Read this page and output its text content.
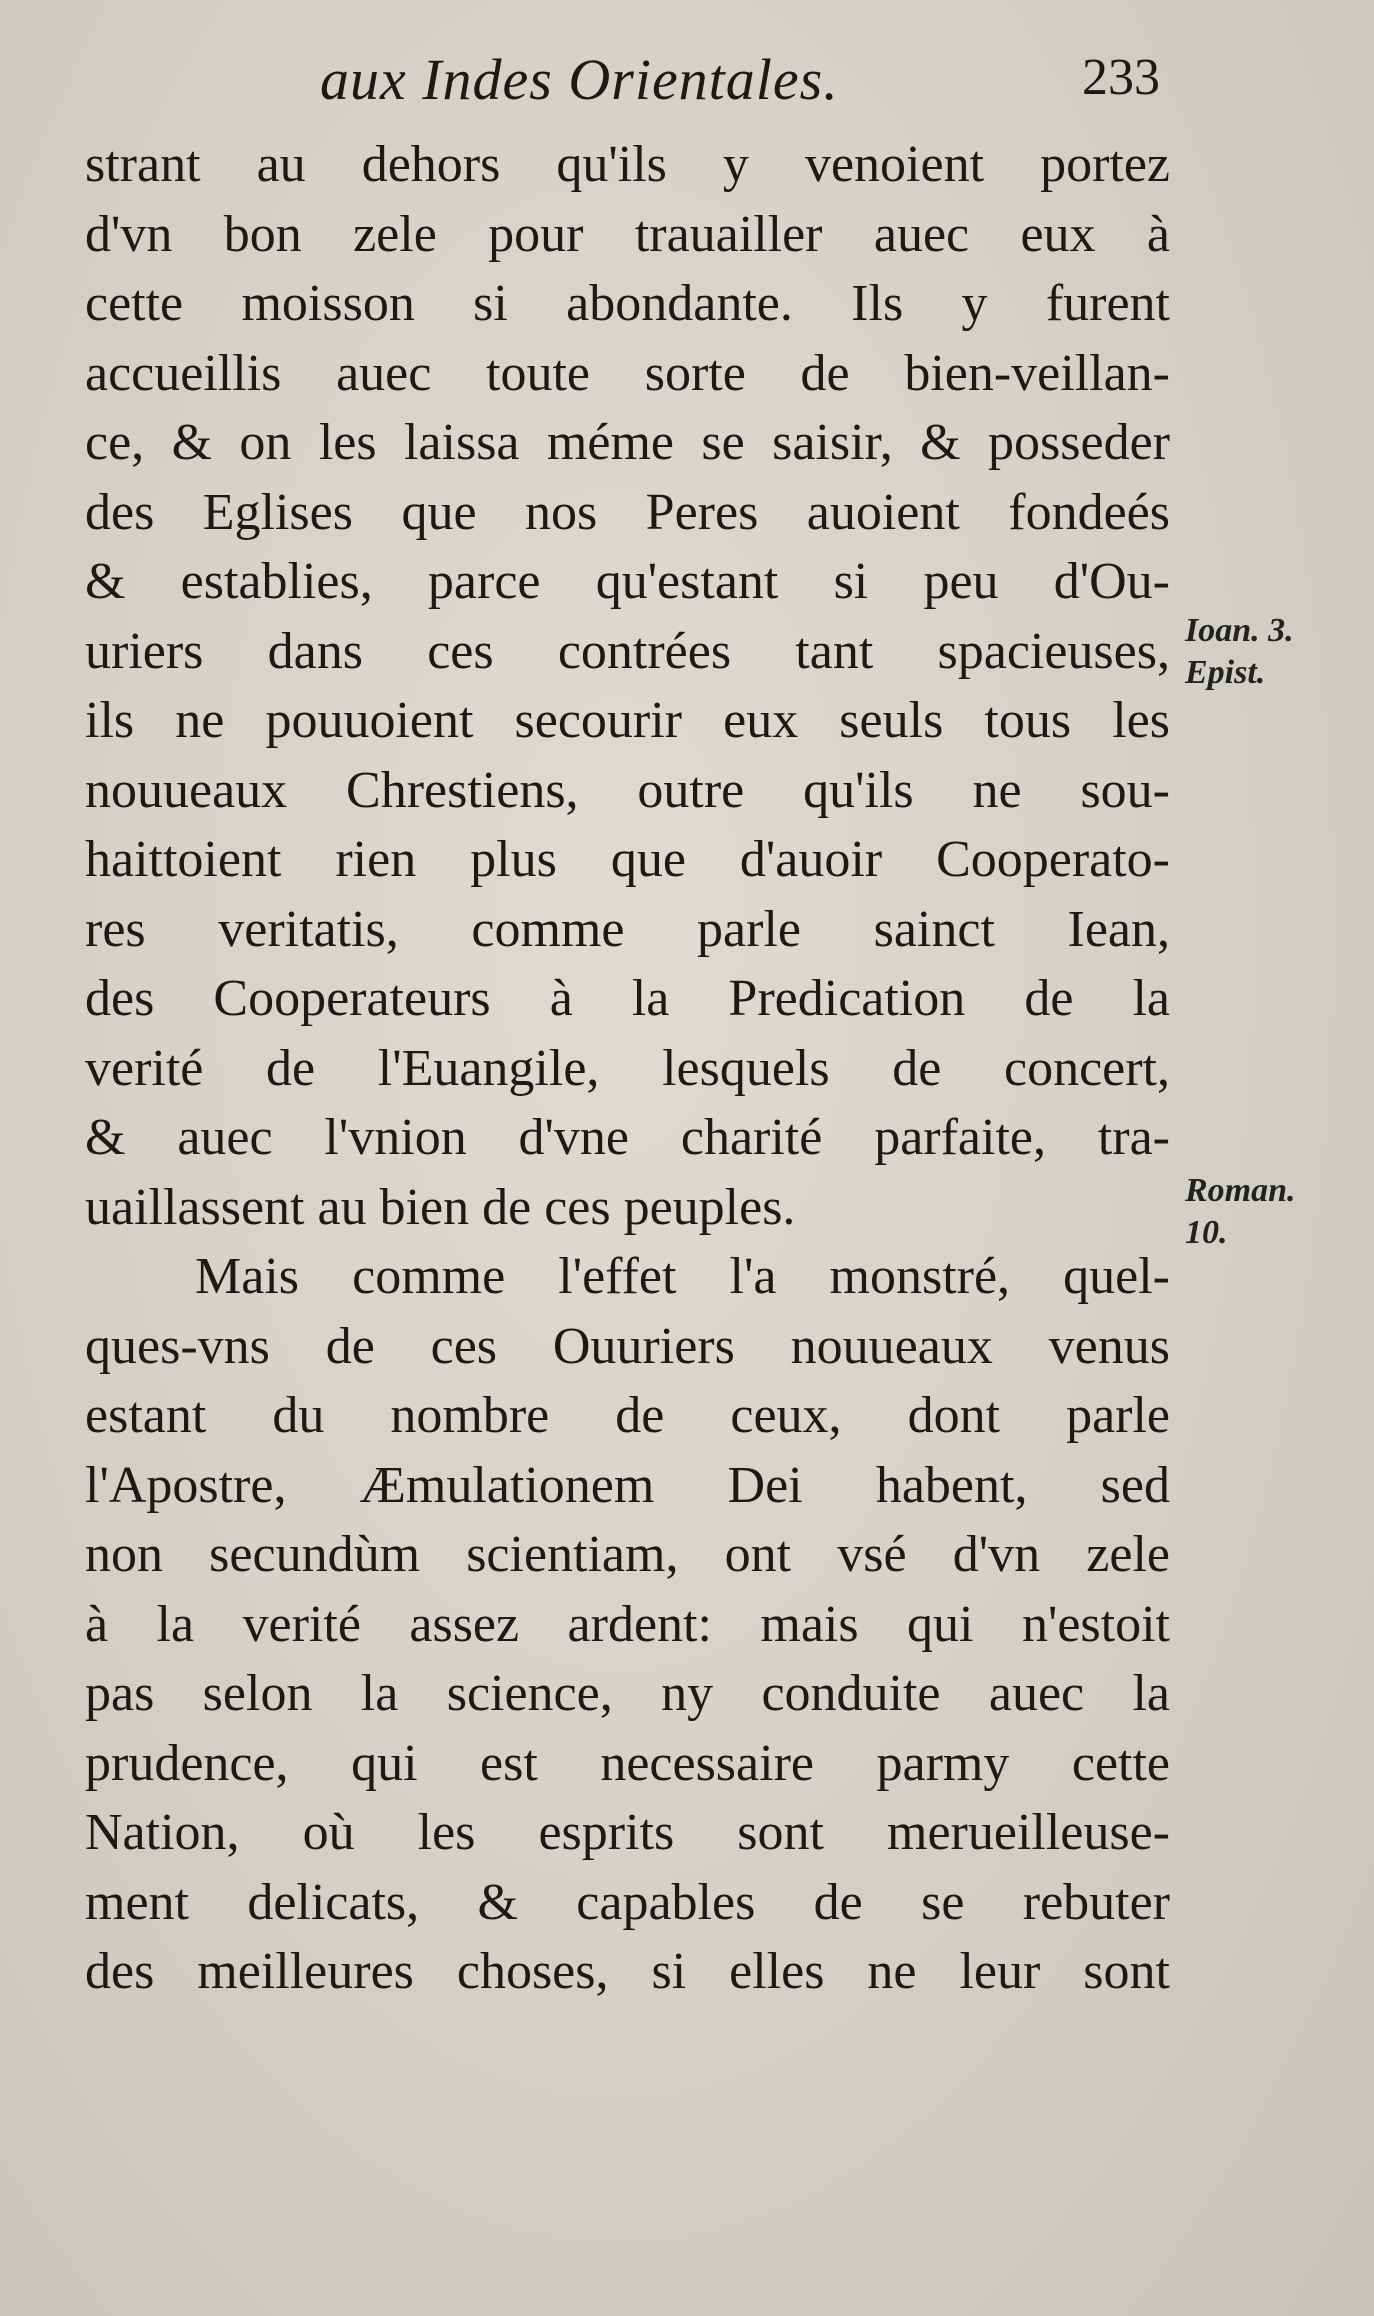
aux Indes Orientales.	233
strant au dehors qu'ils y venoient portez
d'vn bon zele pour trauailler auec eux à
cette moisson si abondante. Ils y furent
accueillis auec toute sorte de bien-veillan-
ce, & on les laissa méme se saisir, & posseder
des Eglises que nos Peres auoient fondeés
& establies, parce qu'estant si peu d'Ou-
uriers dans ces contrées tant spacieuses,
ils ne pouuoient secourir eux seuls tous les
nouueaux Chrestiens, outre qu'ils ne sou-
haittoient rien plus que d'auoir Cooperato-
res veritatis, comme parle sainct Iean,
des Cooperateurs à la Predication de la
verité de l'Euangile, lesquels de concert,
& auec l'vnion d'vne charité parfaite, tra-
uaillassent au bien de ces peuples.
Mais comme l'effet l'a monstré, quel-
ques-vns de ces Ouuriers nouueaux venus
estant du nombre de ceux, dont parle
l'Apostre, Æmulationem Dei habent, sed
non secundùm scientiam, ont vsé d'vn zele
à la verité assez ardent: mais qui n'estoit
pas selon la science, ny conduite auec la
prudence, qui est necessaire parmy cette
Nation, où les esprits sont merueilleuse-
ment delicats, & capables de se rebuter
des meilleures choses, si elles ne leur sont
Ioan. 3.
Epist.
Roman.
10.
